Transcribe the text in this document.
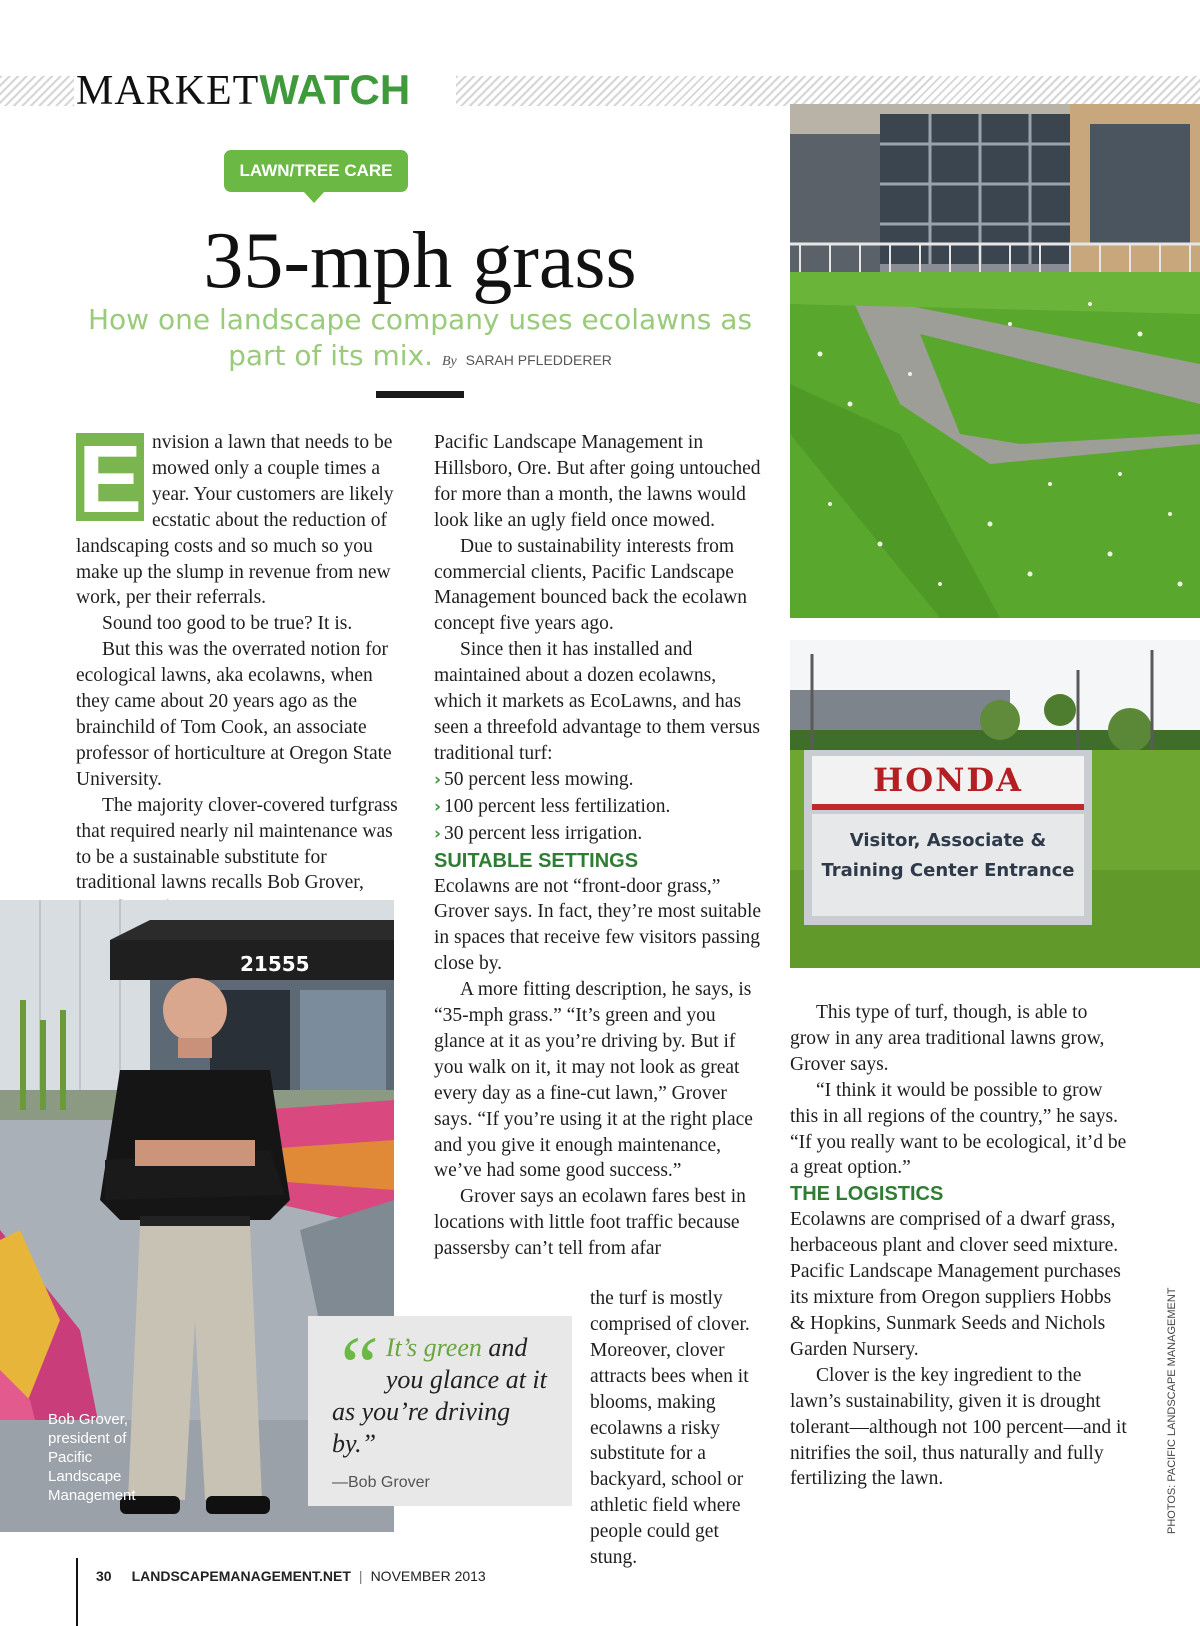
MARKETWATCH
LAWN/TREE CARE
35-mph grass
How one landscape company uses ecolawns as part of its mix. By SARAH PFLEDDERER

E nvision a lawn that needs to be mowed only a couple times a year. Your customers are likely ecstatic about the reduction of landscaping costs and so much so you make up the slump in revenue from new work, per their referrals.

Sound too good to be true? It is.

But this was the overrated notion for ecological lawns, aka ecolawns, when they came about 20 years ago as the brainchild of Tom Cook, an associate professor of horticulture at Oregon State University.

The majority clover-covered turfgrass that required nearly nil maintenance was to be a sustainable substitute for traditional lawns recalls Bob Grover,

Pacific Landscape Management in Hillsboro, Ore. But after going untouched for more than a month, the lawns would look like an ugly field once mowed.

Due to sustainability interests from commercial clients, Pacific Landscape Management bounced back the ecolawn concept five years ago.

Since then it has installed and maintained about a dozen ecolawns, which it markets as EcoLawns, and has seen a threefold advantage to them versus traditional turf:

› 50 percent less mowing.

› 100 percent less fertilization.

› 30 percent less irrigation.

SUITABLE SETTINGS

Ecolawns are not “front-door grass,” Grover says. In fact, they’re most suitable in spaces that receive few visitors passing close by.

A more fitting description, he says, is “35-mph grass.” “It’s green and you glance at it as you’re driving by. But if you walk on it, it may not look as great every day as a fine-cut lawn,” Grover says. “If you’re using it at the right place and you give it enough maintenance, we’ve had some good success.”

Grover says an ecolawn fares best in locations with little foot traffic because passersby can’t tell from afar

the turf is mostly comprised of clover. Moreover, clover attracts bees when it blooms, making ecolawns a risky substitute for a backyard, school or athletic field where people could get stung.

This type of turf, though, is able to grow in any area traditional lawns grow, Grover says.

“I think it would be possible to grow this in all regions of the country,” he says. “If you really want to be ecological, it’d be a great option.”

THE LOGISTICS

Ecolawns are comprised of a dwarf grass, herbaceous plant and clover seed mixture. Pacific Landscape Management purchases its mixture from Oregon suppliers Hobbs & Hopkins, Sunmark Seeds and Nichols Garden Nursery.

Clover is the key ingredient to the lawn’s sustainability, given it is drought tolerant—although not 100 percent—and it nitrifies the soil, thus naturally and fully fertilizing the lawn.

HONDA
Visitor, Associate &
Training Center Entrance
21555
Bob Grover, president of Pacific Landscape Management
“ It’s green and you glance at it as you’re driving by.”
—Bob Grover	PHOTOS: PACIFIC LANDSCAPE MANAGEMENT
30 LANDSCAPEMANAGEMENT.NET | NOVEMBER 2013
